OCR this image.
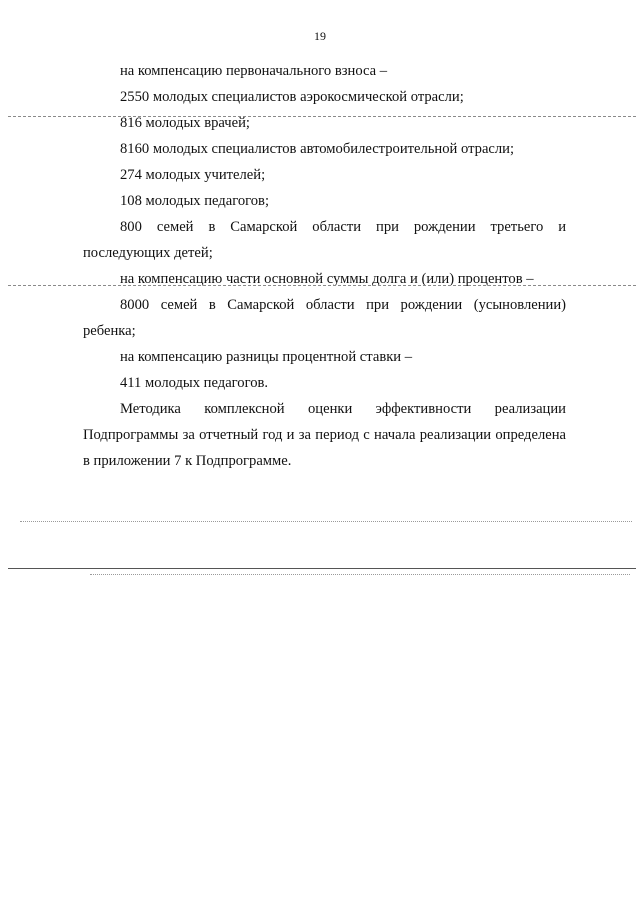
19

на компенсацию первоначального взноса –

2550 молодых специалистов аэрокосмической отрасли;

816 молодых врачей;

8160 молодых специалистов автомобилестроительной отрасли;

274 молодых учителей;

108 молодых педагогов;

800 семей в Самарской области при рождении третьего и последующих детей;

на компенсацию части основной суммы долга и (или) процентов –

8000 семей в Самарской области при рождении (усыновлении) ребенка;

на компенсацию разницы процентной ставки –

411 молодых педагогов.

Методика комплексной оценки эффективности реализации Подпрограммы за отчетный год и за период с начала реализации определена в приложении 7 к Подпрограмме.
